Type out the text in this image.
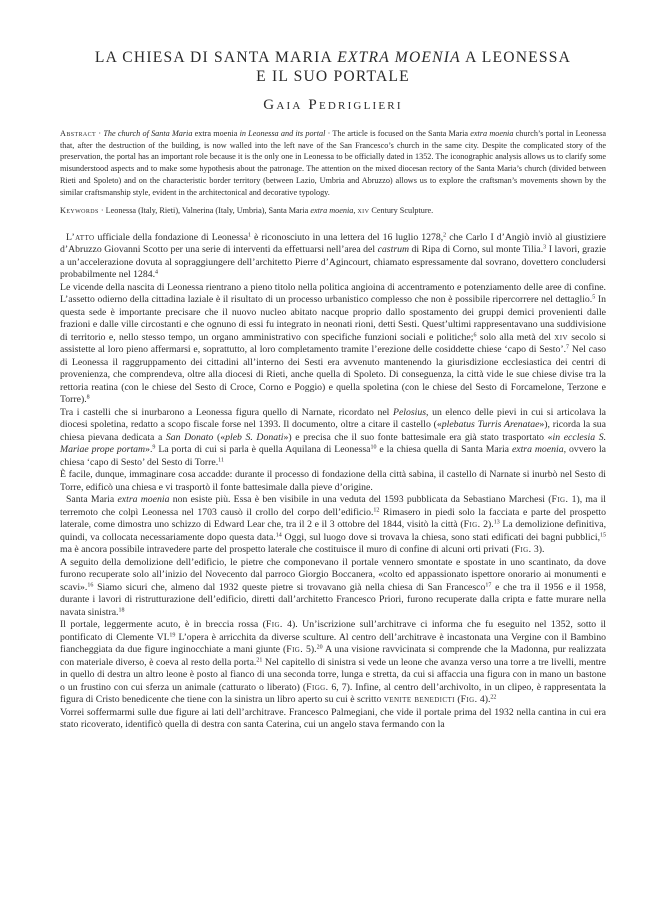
LA CHIESA DI SANTA MARIA EXTRA MOENIA A LEONESSA
E IL SUO PORTALE
Gaia Pedriglieri
Abstract · The church of Santa Maria extra moenia in Leonessa and its portal · The article is focused on the Santa Maria extra moenia church’s portal in Leonessa that, after the destruction of the building, is now walled into the left nave of the San Francesco’s church in the same city. Despite the complicated story of the preservation, the portal has an important role because it is the only one in Leonessa to be officially dated in 1352. The iconographic analysis allows us to clarify some misunderstood aspects and to make some hypothesis about the patronage. The attention on the mixed diocesan rectory of the Santa Maria’s church (divided between Rieti and Spoleto) and on the characteristic border territory (between Lazio, Umbria and Abruzzo) allows us to explore the craftsman’s movements shown by the similar craftsmanship style, evident in the architectonical and decorative typology.
Keywords · Leonessa (Italy, Rieti), Valnerina (Italy, Umbria), Santa Maria extra moenia, xiv Century Sculpture.

L’atto ufficiale della fondazione di Leonessa$^1$ è riconosciuto in una lettera del 16 luglio 1278,$^2$ che Carlo I d’Angiò inviò al giustiziere d’Abruzzo Giovanni Scotto per una serie di interventi da effettuarsi nell’area del castrum di Ripa di Corno, sul monte Tilia.$^3$ I lavori, grazie a un’accelerazione dovuta al sopraggiungere dell’architetto Pierre d’Agincourt, chiamato espressamente dal sovrano, dovettero concludersi probabilmente nel 1284.$^4$

Le vicende della nascita di Leonessa rientrano a pieno titolo nella politica angioina di accentramento e potenziamento delle aree di confine. L’assetto odierno della cittadina laziale è il risultato di un processo urbanistico complesso che non è possibile ripercorrere nel dettaglio.$^5$ In questa sede è importante precisare che il nuovo nucleo abitato nacque proprio dallo spostamento dei gruppi demici provenienti dalle frazioni e dalle ville circostanti e che ognuno di essi fu integrato in neonati rioni, detti Sesti. Quest’ultimi rappresentavano una suddivisione di territorio e, nello stesso tempo, un organo amministrativo con specifiche funzioni sociali e politiche;$^6$ solo alla metà del xiv secolo si assistette al loro pieno affermarsi e, soprattutto, al loro completamento tramite l’erezione delle cosiddette chiese ‘capo di Sesto’.$^7$ Nel caso di Leonessa il raggruppamento dei cittadini all’interno dei Sesti era avvenuto mantenendo la giurisdizione ecclesiastica dei centri di provenienza, che comprendeva, oltre alla diocesi di Rieti, anche quella di Spoleto. Di conseguenza, la città vide le sue chiese divise tra la rettoria reatina (con le chiese del Sesto di Croce, Corno e Poggio) e quella spoletina (con le chiese del Sesto di Forcamelone, Terzone e Torre).$^8$

Tra i castelli che si inurbarono a Leonessa figura quello di Narnate, ricordato nel Pelosius, un elenco delle pievi in cui si articolava la diocesi spoletina, redatto a scopo fiscale forse nel 1393. Il documento, oltre a citare il castello («plebatus Turris Arenatae»), ricorda la sua chiesa pievana dedicata a San Donato («pleb S. Donati») e precisa che il suo fonte battesimale era già stato trasportato «in ecclesia S. Mariae prope portam».$^9$ La porta di cui si parla è quella Aquilana di Leonessa$^{10}$ e la chiesa quella di Santa Maria extra moenia, ovvero la chiesa ‘capo di Sesto’ del Sesto di Torre.$^{11}$

È facile, dunque, immaginare cosa accadde: durante il processo di fondazione della città sabina, il castello di Narnate si inurbò nel Sesto di Torre, edificò una chiesa e vi trasportò il fonte battesimale dalla pieve d’origine.

Santa Maria extra moenia non esiste più. Essa è ben visibile in una veduta del 1593 pubblicata da Sebastiano Marchesi (Fig. 1), ma il terremoto che colpì Leonessa nel 1703 causò il crollo del corpo dell’edificio.$^{12}$ Rimasero in piedi solo la facciata e parte del prospetto laterale, come dimostra uno schizzo di Edward Lear che, tra il 2 e il 3 ottobre del 1844, visitò la città (Fig. 2).$^{13}$ La demolizione definitiva, quindi, va collocata necessariamente dopo questa data.$^{14}$ Oggi, sul luogo dove si trovava la chiesa, sono stati edificati dei bagni pubblici,$^{15}$ ma è ancora possibile intravedere parte del prospetto laterale che costituisce il muro di confine di alcuni orti privati (Fig. 3).

A seguito della demolizione dell’edificio, le pietre che componevano il portale vennero smontate e spostate in uno scantinato, da dove furono recuperate solo all’inizio del Novecento dal parroco Giorgio Boccanera, «colto ed appassionato ispettore onorario ai monumenti e scavi».$^{16}$ Siamo sicuri che, almeno dal 1932 queste pietre si trovavano già nella chiesa di San Francesco$^{17}$ e che tra il 1956 e il 1958, durante i lavori di ristrutturazione dell’edificio, diretti dall’architetto Francesco Priori, furono recuperate dalla cripta e fatte murare nella navata sinistra.$^{18}$

Il portale, leggermente acuto, è in breccia rossa (Fig. 4). Un’iscrizione sull’architrave ci informa che fu eseguito nel 1352, sotto il pontificato di Clemente VI.$^{19}$ L’opera è arricchita da diverse sculture. Al centro dell’architrave è incastonata una Vergine con il Bambino fiancheggiata da due figure inginocchiate a mani giunte (Fig. 5).$^{20}$ A una visione ravvicinata si comprende che la Madonna, pur realizzata con materiale diverso, è coeva al resto della porta.$^{21}$ Nel capitello di sinistra si vede un leone che avanza verso una torre a tre livelli, mentre in quello di destra un altro leone è posto al fianco di una seconda torre, lunga e stretta, da cui si affaccia una figura con in mano un bastone o un frustino con cui sferza un animale (catturato o liberato) (Figg. 6, 7). Infine, al centro dell’archivolto, in un clipeo, è rappresentata la figura di Cristo benedicente che tiene con la sinistra un libro aperto su cui è scritto venite benedicti (Fig. 4).$^{22}$

Vorrei soffermarmi sulle due figure ai lati dell’architrave. Francesco Palmegiani, che vide il portale prima del 1932 nella cantina in cui era stato ricoverato, identificò quella di destra con santa Caterina, cui un angelo stava fermando con la
